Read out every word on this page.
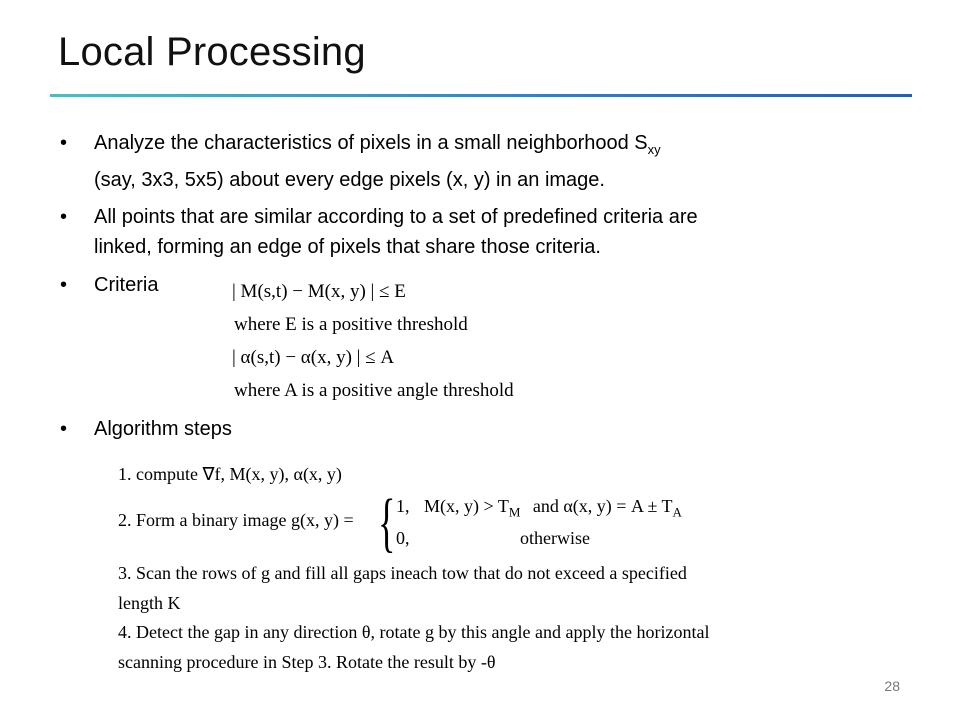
Local Processing
• Analyze the characteristics of pixels in a small neighborhood $S_{xy}$
(say, 3x3, 5x5) about every edge pixels (x, y) in an image.
• All points that are similar according to a set of predefined criteria are
linked, forming an edge of pixels that share those criteria.
• Criteria	| M(s,t) − M(x, y) | ≤ E
where E is a positive threshold
| α(s,t) − α(x, y) | ≤ A
where A is a positive angle threshold
• Algorithm steps
1. compute ∇f, M(x, y), α(x, y)
2. Form a binary image g(x, y) = { 1, M(x, $y) > T_M$ and α(x, $y) = A \pm T_A$
0,	otherwise
3. Scan the rows of g and fill all gaps ineach tow that do not exceed a specified
length K
4. Detect the gap in any direction θ, rotate g by this angle and apply the horizontal
scanning procedure in Step 3. Rotate the result by -θ
28
